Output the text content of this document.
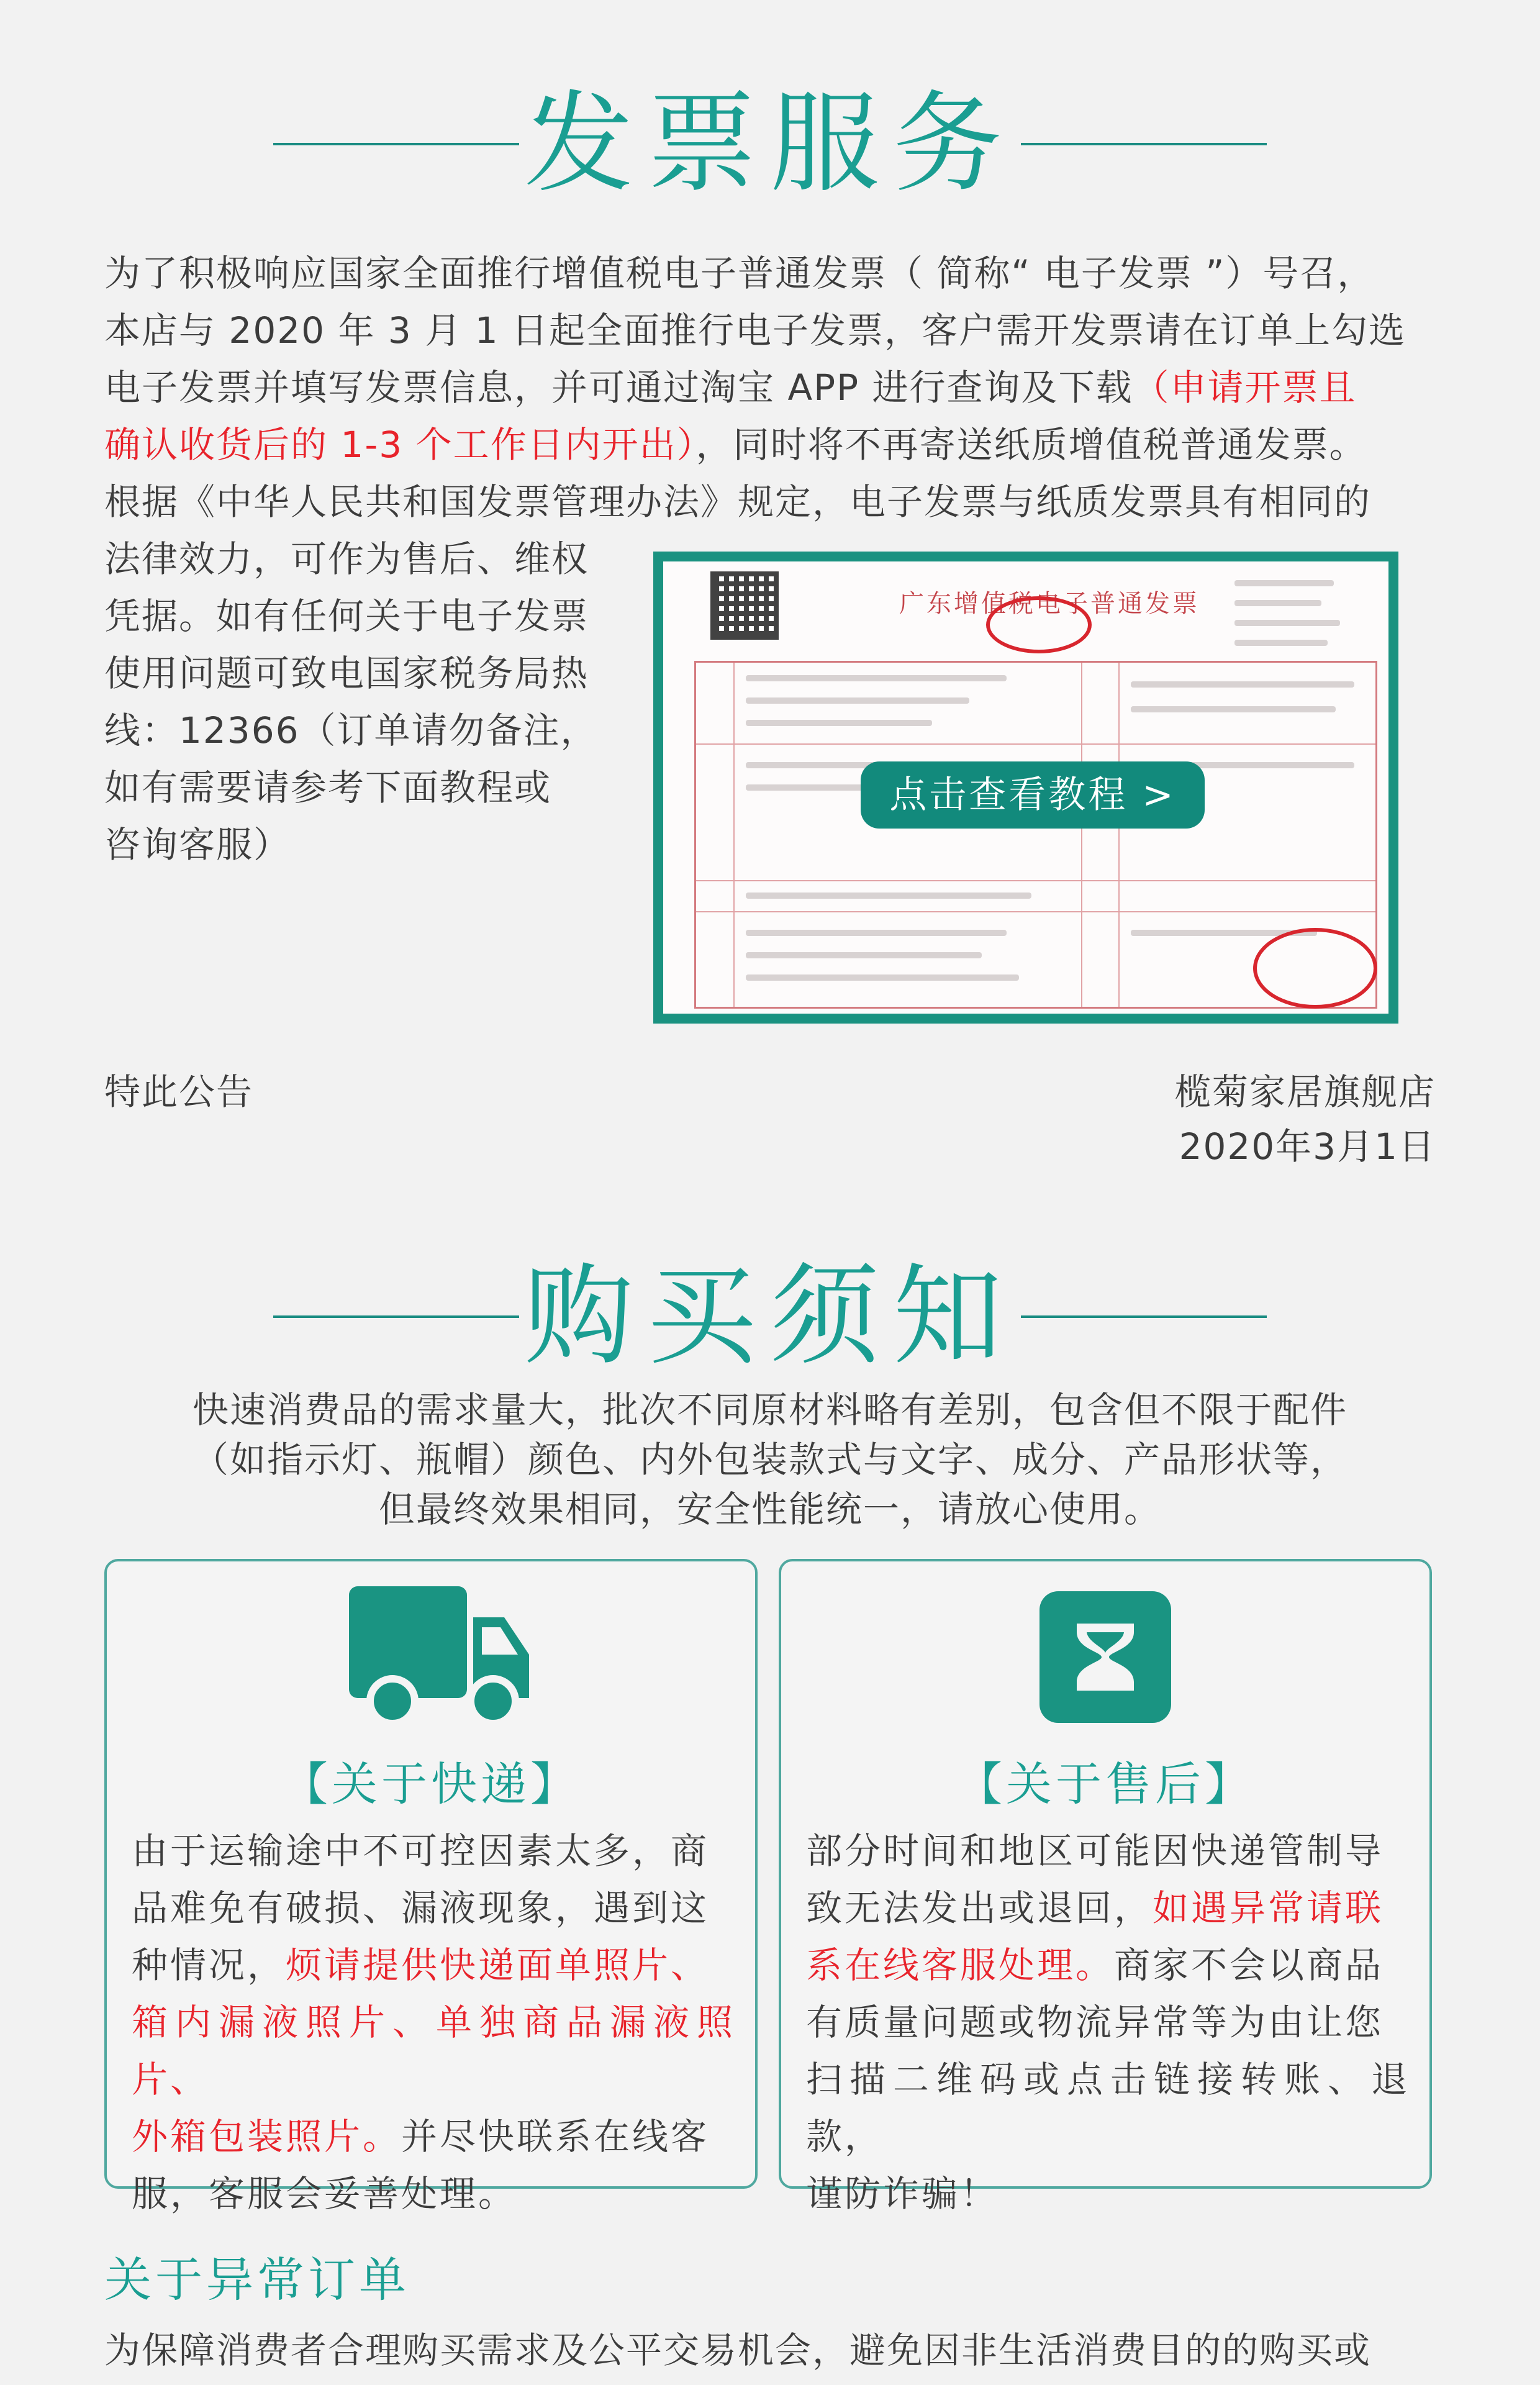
发票服务
为了积极响应国家全面推行增值税电子普通发票（ 简称“ 电子发票 ”）号召，
本店与 2020 年 3 月 1 日起全面推行电子发票，客户需开发票请在订单上勾选
电子发票并填写发票信息，并可通过淘宝 APP 进行查询及下载（申请开票且
确认收货后的 1-3 个工作日内开出），同时将不再寄送纸质增值税普通发票。
根据《中华人民共和国发票管理办法》规定，电子发票与纸质发票具有相同的
法律效力，可作为售后、维权
凭据。如有任何关于电子发票
使用问题可致电国家税务局热
线：12366（订单请勿备注，
如有需要请参考下面教程或
咨询客服）
广东增值税电子普通发票
点击查看教程 >
特此公告	榄菊家居旗舰店
2020年3月1日
购买须知
快速消费品的需求量大，批次不同原材料略有差别，包含但不限于配件
（如指示灯、瓶帽）颜色、内外包装款式与文字、成分、产品形状等，
但最终效果相同，安全性能统一，请放心使用。
【关于快递】
由于运输途中不可控因素太多，商
品难免有破损、漏液现象，遇到这
种情况，烦请提供快递面单照片、
箱内漏液照片、单独商品漏液照片、
外箱包装照片。并尽快联系在线客
服，客服会妥善处理。
【关于售后】
部分时间和地区可能因快递管制导
致无法发出或退回，如遇异常请联
系在线客服处理。商家不会以商品
有质量问题或物流异常等为由让您
扫描二维码或点击链接转账、退款，
谨防诈骗！
关于异常订单
为保障消费者合理购买需求及公平交易机会，避免因非生活消费目的的购买或
